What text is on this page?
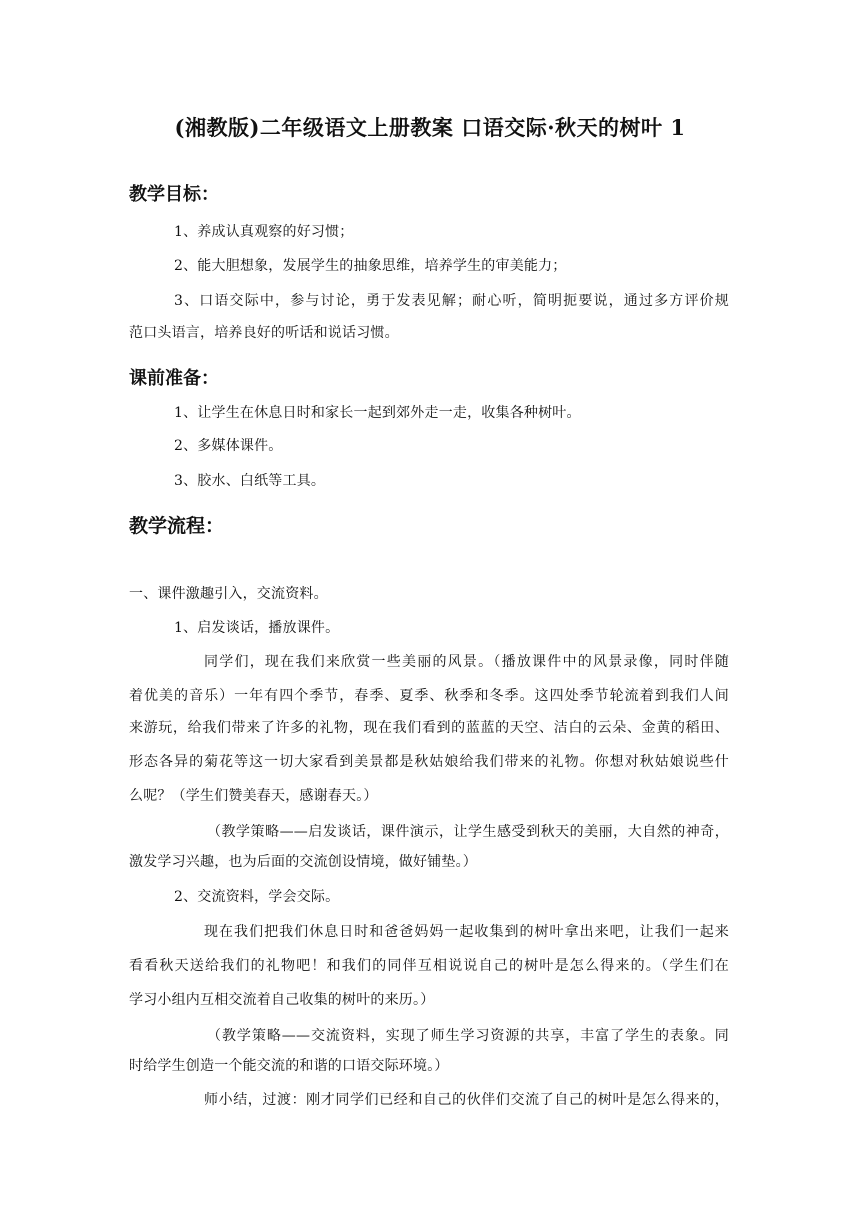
(湘教版)二年级语文上册教案 口语交际·秋天的树叶 1
教学目标：
1、养成认真观察的好习惯；
2、能大胆想象，发展学生的抽象思维，培养学生的审美能力；
3、口语交际中，参与讨论，勇于发表见解；耐心听，简明扼要说，通过多方评价规
范口头语言，培养良好的听话和说话习惯。
课前准备：
1、让学生在休息日时和家长一起到郊外走一走，收集各种树叶。
2、多媒体课件。
3、胶水、白纸等工具。
教学流程：
一、课件激趣引入，交流资料。
1、启发谈话，播放课件。
同学们，现在我们来欣赏一些美丽的风景。（播放课件中的风景录像，同时伴随
着优美的音乐）一年有四个季节，春季、夏季、秋季和冬季。这四处季节轮流着到我们人间
来游玩，给我们带来了许多的礼物，现在我们看到的蓝蓝的天空、洁白的云朵、金黄的稻田、
形态各异的菊花等这一切大家看到美景都是秋姑娘给我们带来的礼物。你想对秋姑娘说些什
么呢？（学生们赞美春天，感谢春天。）
（教学策略——启发谈话，课件演示，让学生感受到秋天的美丽，大自然的神奇，
激发学习兴趣，也为后面的交流创设情境，做好铺垫。）
2、交流资料，学会交际。
现在我们把我们休息日时和爸爸妈妈一起收集到的树叶拿出来吧，让我们一起来
看看秋天送给我们的礼物吧！和我们的同伴互相说说自己的树叶是怎么得来的。（学生们在
学习小组内互相交流着自己收集的树叶的来历。）
（教学策略——交流资料，实现了师生学习资源的共享，丰富了学生的表象。同
时给学生创造一个能交流的和谐的口语交际环境。）
师小结，过渡：刚才同学们已经和自己的伙伴们交流了自己的树叶是怎么得来的，
